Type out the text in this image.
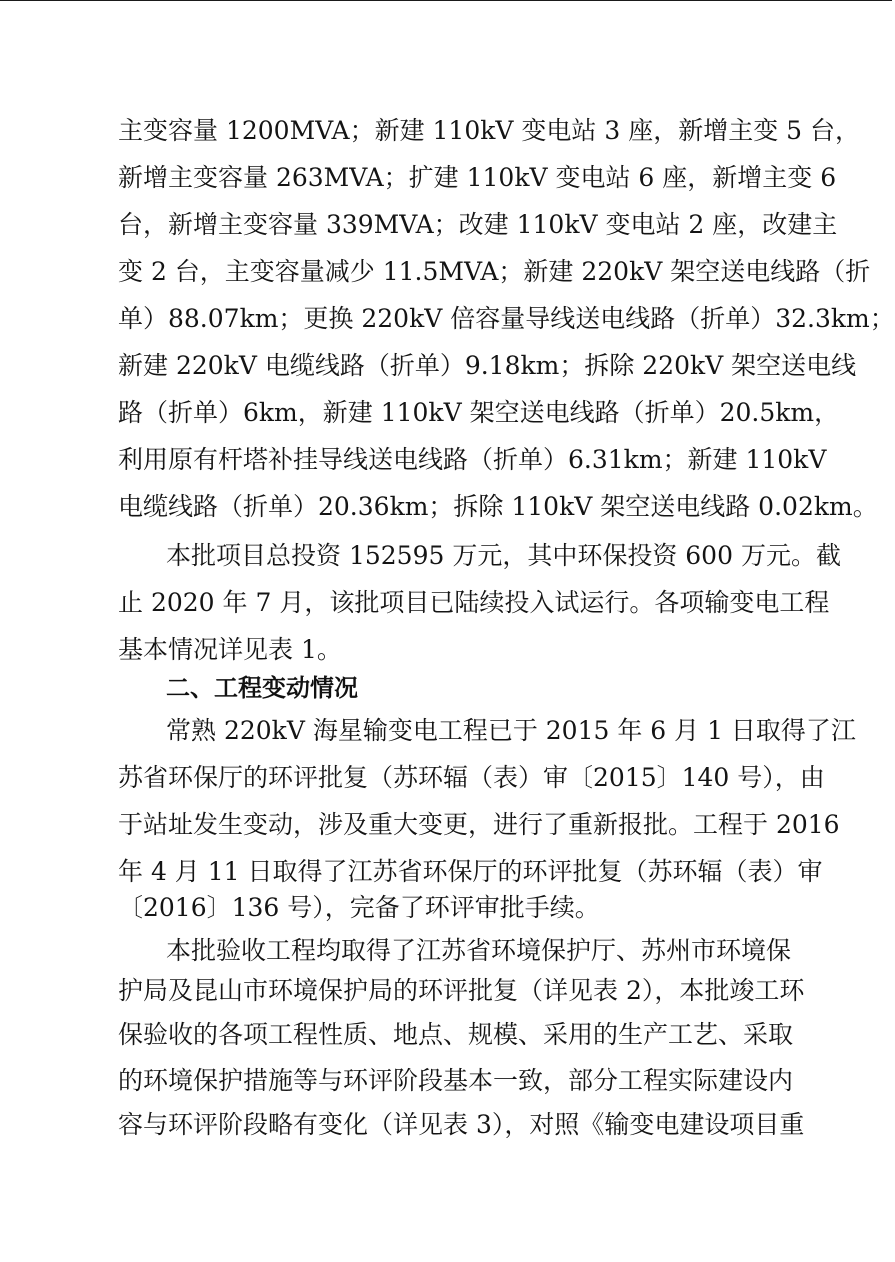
主变容量 1200MVA；新建 110kV 变电站 3 座，新增主变 5 台，
新增主变容量 263MVA；扩建 110kV 变电站 6 座，新增主变 6
台，新增主变容量 339MVA；改建 110kV 变电站 2 座，改建主
变 2 台，主变容量减少 11.5MVA；新建 220kV 架空送电线路（折
单）88.07km；更换 220kV 倍容量导线送电线路（折单）32.3km；
新建 220kV 电缆线路（折单）9.18km；拆除 220kV 架空送电线
路（折单）6km，新建 110kV 架空送电线路（折单）20.5km，
利用原有杆塔补挂导线送电线路（折单）6.31km；新建 110kV
电缆线路（折单）20.36km；拆除 110kV 架空送电线路 0.02km。
本批项目总投资 152595 万元，其中环保投资 600 万元。截
止 2020 年 7 月，该批项目已陆续投入试运行。各项输变电工程
基本情况详见表 1。
二、工程变动情况
常熟 220kV 海星输变电工程已于 2015 年 6 月 1 日取得了江
苏省环保厅的环评批复（苏环辐（表）审〔2015〕140 号），由
于站址发生变动，涉及重大变更，进行了重新报批。工程于 2016
年 4 月 11 日取得了江苏省环保厅的环评批复（苏环辐（表）审
〔2016〕136 号），完备了环评审批手续。
本批验收工程均取得了江苏省环境保护厅、苏州市环境保
护局及昆山市环境保护局的环评批复（详见表 2），本批竣工环
保验收的各项工程性质、地点、规模、采用的生产工艺、采取
的环境保护措施等与环评阶段基本一致，部分工程实际建设内
容与环评阶段略有变化（详见表 3），对照《输变电建设项目重
